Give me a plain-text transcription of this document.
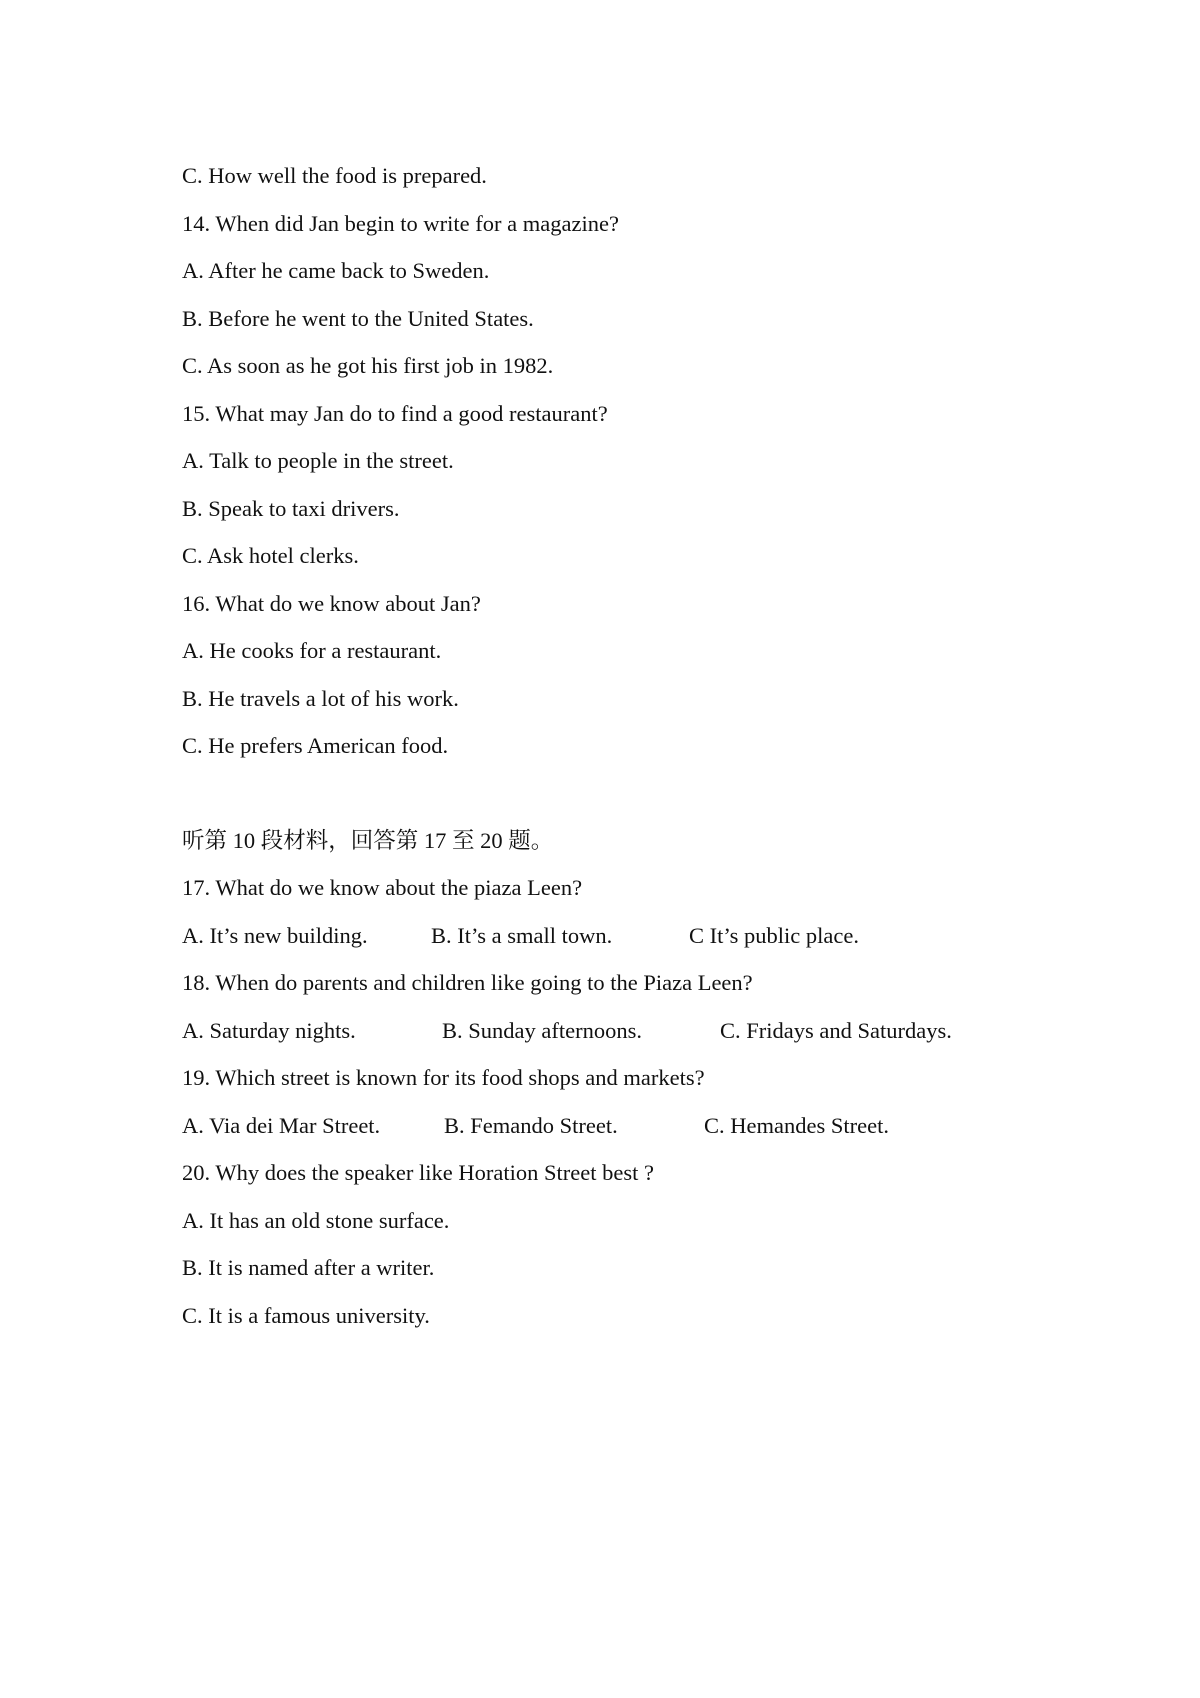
C. How well the food is prepared.
14. When did Jan begin to write for a magazine?
A. After he came back to Sweden.
B. Before he went to the United States.
C. As soon as he got his first job in 1982.
15. What may Jan do to find a good restaurant?
A. Talk to people in the street.
B. Speak to taxi drivers.
C. Ask hotel clerks.
16. What do we know about Jan?
A. He cooks for a restaurant.
B. He travels a lot of his work.
C. He prefers American food.
听第 10 段材料，回答第 17 至 20 题。
17. What do we know about the piaza Leen?
A. It’s new building.	B. It’s a small town.	C It’s public place.
18. When do parents and children like going to the Piaza Leen?
A. Saturday nights.	B. Sunday afternoons.	C. Fridays and Saturdays.
19. Which street is known for its food shops and markets?
A. Via dei Mar Street.	B. Femando Street.	C. Hemandes Street.
20. Why does the speaker like Horation Street best ?
A. It has an old stone surface.
B. It is named after a writer.
C. It is a famous university.
